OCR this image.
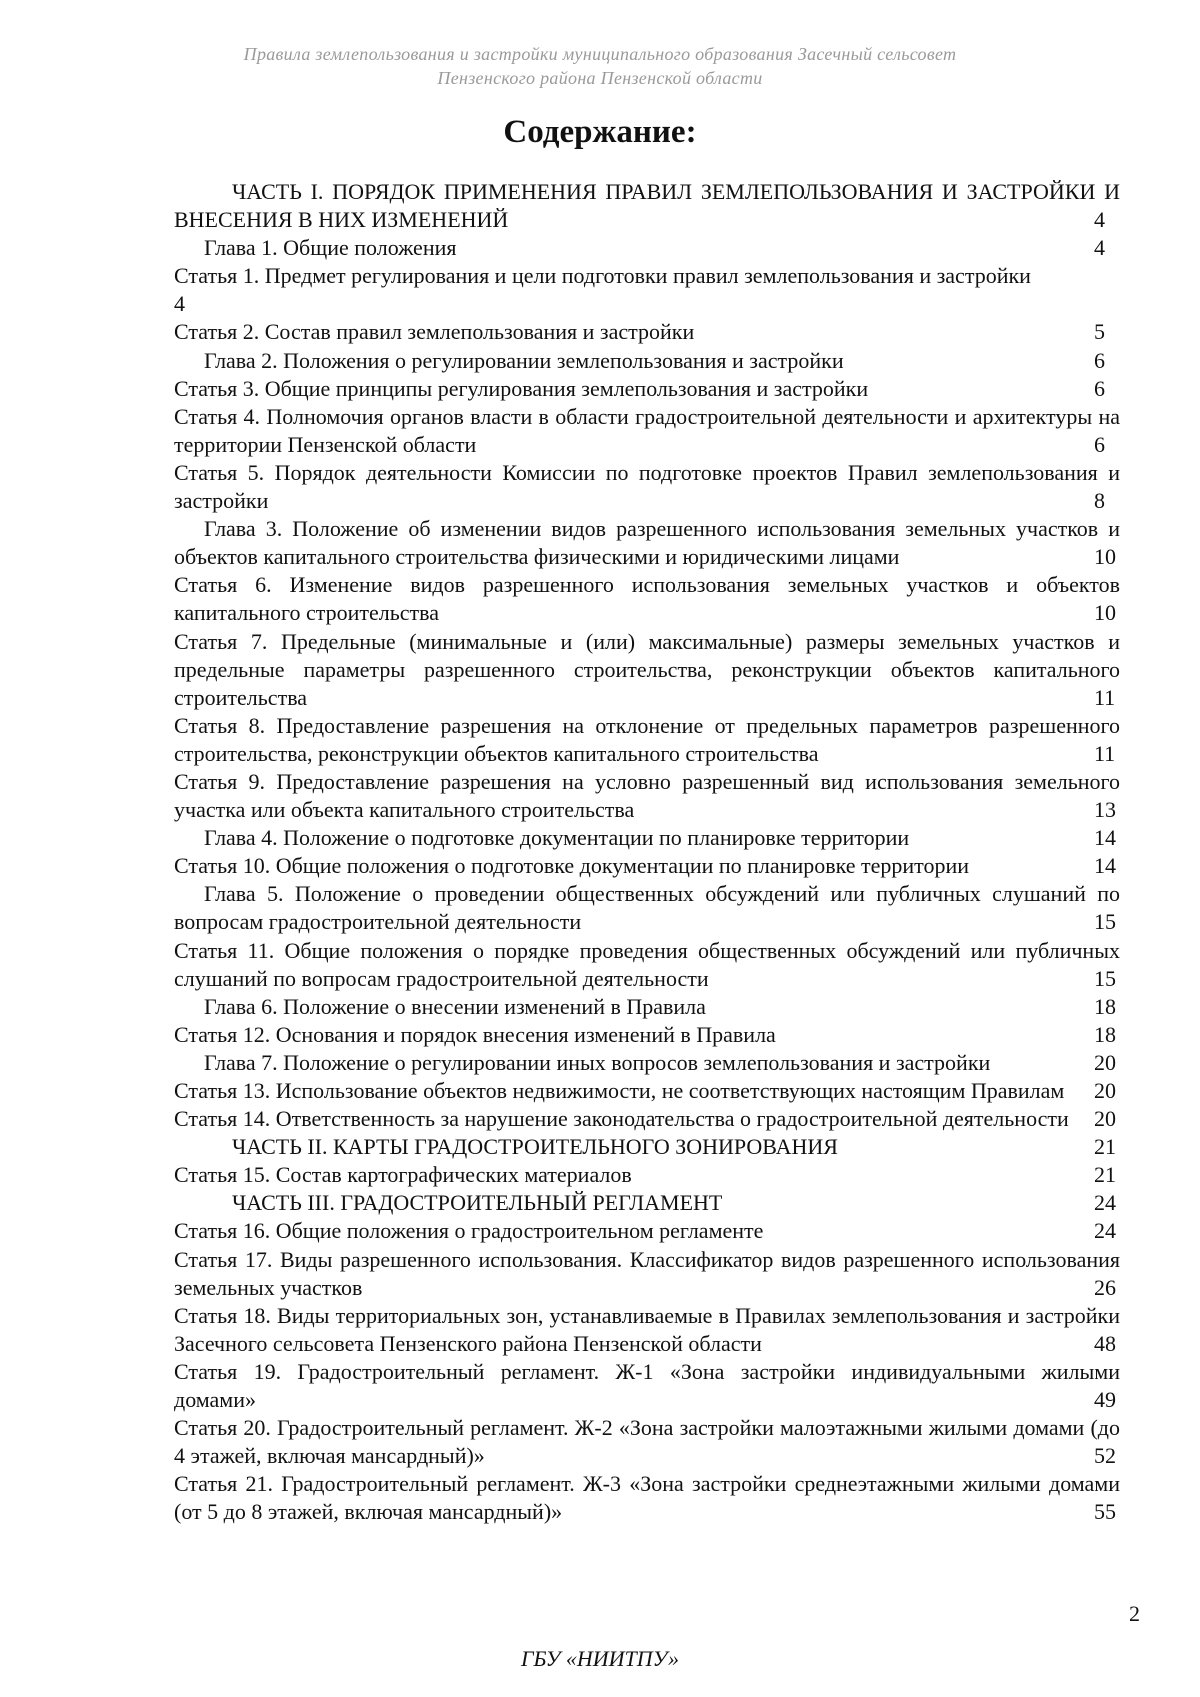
Правила землепользования и застройки муниципального образования Засечный сельсовет
Пензенского района Пензенской области
Содержание:
ЧАСТЬ I. ПОРЯДОК ПРИМЕНЕНИЯ ПРАВИЛ ЗЕМЛЕПОЛЬЗОВАНИЯ И ЗАСТРОЙКИ И ВНЕСЕНИЯ В НИХ ИЗМЕНЕНИЙ	4
Глава 1. Общие положения	4
Статья 1. Предмет регулирования и цели подготовки правил землепользования и застройки
4
Статья 2. Состав правил землепользования и застройки	5
Глава 2. Положения о регулировании землепользования и застройки	6
Статья 3. Общие принципы регулирования землепользования и застройки	6
Статья 4. Полномочия органов власти в области градостроительной деятельности и архитектуры на территории Пензенской области	6
Статья 5. Порядок деятельности Комиссии по подготовке проектов Правил землепользования и застройки	8
Глава 3. Положение об изменении видов разрешенного использования земельных участков и объектов капитального строительства физическими и юридическими лицами	10
Статья 6. Изменение видов разрешенного использования земельных участков и объектов капитального строительства	10
Статья 7. Предельные (минимальные и (или) максимальные) размеры земельных участков и предельные параметры разрешенного строительства, реконструкции объектов капитального строительства	11
Статья 8. Предоставление разрешения на отклонение от предельных параметров разрешенного строительства, реконструкции объектов капитального строительства	11
Статья 9. Предоставление разрешения на условно разрешенный вид использования земельного участка или объекта капитального строительства	13
Глава 4. Положение о подготовке документации по планировке территории	14
Статья 10. Общие положения о подготовке документации по планировке территории	14
Глава 5. Положение о проведении общественных обсуждений или публичных слушаний по вопросам градостроительной деятельности	15
Статья 11. Общие положения о порядке проведения общественных обсуждений или публичных слушаний по вопросам градостроительной деятельности	15
Глава 6. Положение о внесении изменений в Правила	18
Статья 12. Основания и порядок внесения изменений в Правила	18
Глава 7. Положение о регулировании иных вопросов землепользования и застройки	20
Статья 13. Использование объектов недвижимости, не соответствующих настоящим Правилам 20
Статья 14. Ответственность за нарушение законодательства о градостроительной деятельности 20
ЧАСТЬ II. КАРТЫ ГРАДОСТРОИТЕЛЬНОГО ЗОНИРОВАНИЯ	21
Статья 15. Состав картографических материалов	21
ЧАСТЬ III. ГРАДОСТРОИТЕЛЬНЫЙ РЕГЛАМЕНТ	24
Статья 16. Общие положения о градостроительном регламенте	24
Статья 17. Виды разрешенного использования. Классификатор видов разрешенного использования земельных участков	26
Статья 18. Виды территориальных зон, устанавливаемые в Правилах землепользования и застройки Засечного сельсовета Пензенского района Пензенской области	48
Статья 19. Градостроительный регламент. Ж-1 «Зона застройки индивидуальными жилыми домами»	49
Статья 20. Градостроительный регламент. Ж-2 «Зона застройки малоэтажными жилыми домами (до 4 этажей, включая мансардный)»	52
Статья 21. Градостроительный регламент. Ж-3 «Зона застройки среднеэтажными жилыми домами (от 5 до 8 этажей, включая мансардный)»	55
2
ГБУ «НИИТПУ»
